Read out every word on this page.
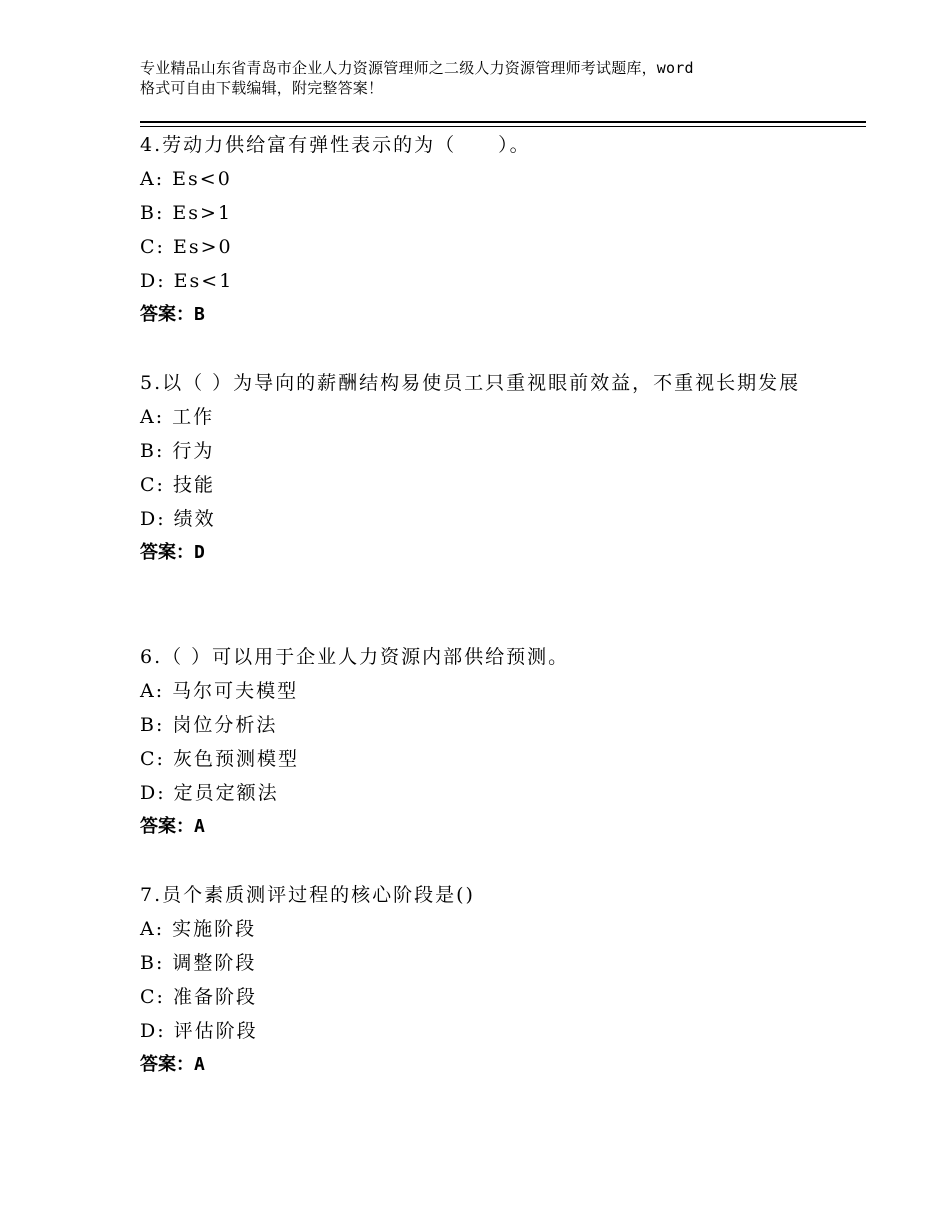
专业精品山东省青岛市企业人力资源管理师之二级人力资源管理师考试题库，word
格式可自由下载编辑，附完整答案！
4.劳动力供给富有弹性表示的为（　　）。
A: Es<0
B: Es>1
C: Es>0
D: Es<1
答案：B
5.以（ ）为导向的薪酬结构易使员工只重视眼前效益，不重视长期发展
A: 工作
B: 行为
C: 技能
D: 绩效
答案：D
6.（ ）可以用于企业人力资源内部供给预测。
A: 马尔可夫模型
B: 岗位分析法
C: 灰色预测模型
D: 定员定额法
答案：A
7.员个素质测评过程的核心阶段是()
A: 实施阶段
B: 调整阶段
C: 准备阶段
D: 评估阶段
答案：A
